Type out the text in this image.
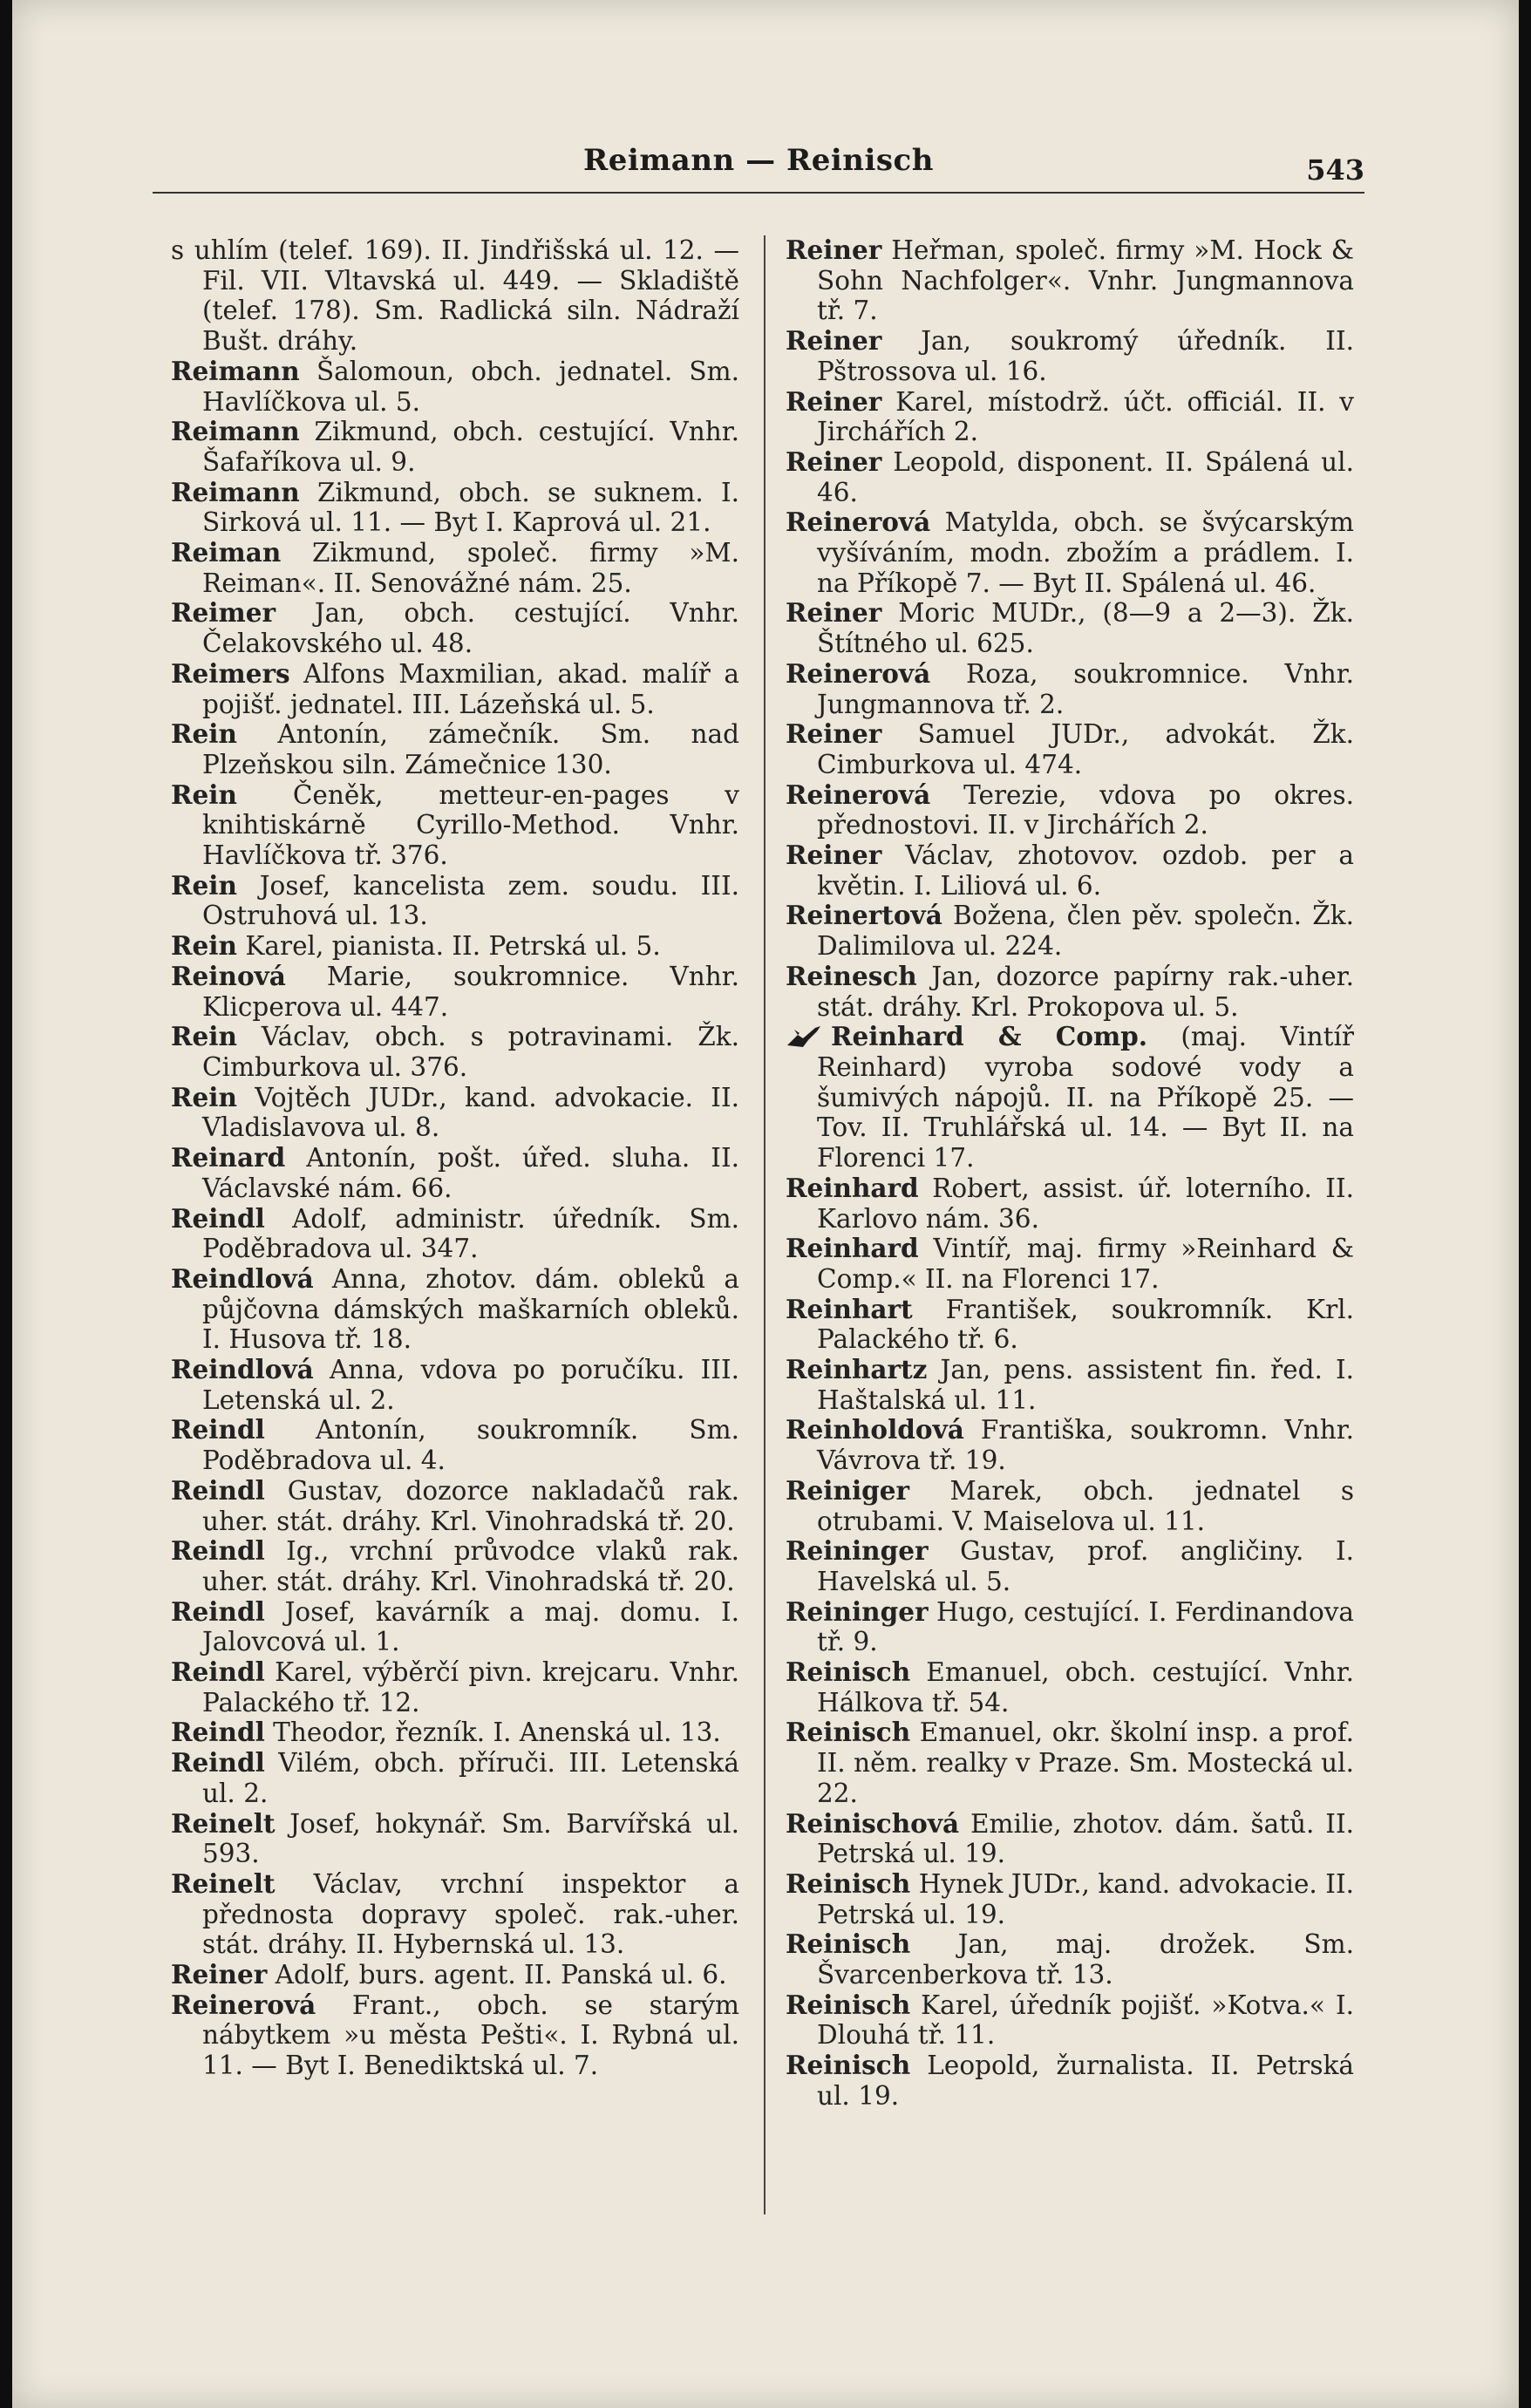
Reimann — Reinisch	543

s uhlím (telef. 169). II. Jindřišská ul. 12. — Fil. VII. Vltavská ul. 449. — Skladiště (telef. 178). Sm. Radlická siln. Nádraží Bušt. dráhy.

Reimann Šalomoun, obch. jednatel. Sm. Havlíčkova ul. 5.

Reimann Zikmund, obch. cestující. Vnhr. Šafaříkova ul. 9.

Reimann Zikmund, obch. se suknem. I. Sirková ul. 11. — Byt I. Kaprová ul. 21.

Reiman Zikmund, společ. firmy »M. Reiman«. II. Senovážné nám. 25.

Reimer Jan, obch. cestující. Vnhr. Čelakovského ul. 48.

Reimers Alfons Maxmilian, akad. malíř a pojišť. jednatel. III. Lázeňská ul. 5.

Rein Antonín, zámečník. Sm. nad Plzeňskou siln. Zámečnice 130.

Rein Čeněk, metteur-en-pages v knihtiskárně Cyrillo-Method. Vnhr. Havlíčkova tř. 376.

Rein Josef, kancelista zem. soudu. III. Ostruhová ul. 13.

Rein Karel, pianista. II. Petrská ul. 5.

Reinová Marie, soukromnice. Vnhr. Klicperova ul. 447.

Rein Václav, obch. s potravinami. Žk. Cimburkova ul. 376.

Rein Vojtěch JUDr., kand. advokacie. II. Vladislavova ul. 8.

Reinard Antonín, pošt. úřed. sluha. II. Václavské nám. 66.

Reindl Adolf, administr. úředník. Sm. Poděbradova ul. 347.

Reindlová Anna, zhotov. dám. obleků a půjčovna dámských maškarních obleků. I. Husova tř. 18.

Reindlová Anna, vdova po poručíku. III. Letenská ul. 2.

Reindl Antonín, soukromník. Sm. Poděbradova ul. 4.

Reindl Gustav, dozorce nakladačů rak. uher. stát. dráhy. Krl. Vinohradská tř. 20.

Reindl Ig., vrchní průvodce vlaků rak. uher. stát. dráhy. Krl. Vinohradská tř. 20.

Reindl Josef, kavárník a maj. domu. I. Jalovcová ul. 1.

Reindl Karel, výběrčí pivn. krejcaru. Vnhr. Palackého tř. 12.

Reindl Theodor, řezník. I. Anenská ul. 13.

Reindl Vilém, obch. příruči. III. Letenská ul. 2.

Reinelt Josef, hokynář. Sm. Barvířská ul. 593.

Reinelt Václav, vrchní inspektor a přednosta dopravy společ. rak.-uher. stát. dráhy. II. Hybernská ul. 13.

Reiner Adolf, burs. agent. II. Panská ul. 6.

Reinerová Frant., obch. se starým nábytkem »u města Pešti«. I. Rybná ul. 11. — Byt I. Benediktská ul. 7.

Reiner Heřman, společ. firmy »M. Hock & Sohn Nachfolger«. Vnhr. Jungmannova tř. 7.

Reiner Jan, soukromý úředník. II. Pštrossova ul. 16.

Reiner Karel, místodrž. účt. officiál. II. v Jirchářích 2.

Reiner Leopold, disponent. II. Spálená ul. 46.

Reinerová Matylda, obch. se švýcarským vyšíváním, modn. zbožím a prádlem. I. na Příkopě 7. — Byt II. Spálená ul. 46.

Reiner Moric MUDr., (8—9 a 2—3). Žk. Štítného ul. 625.

Reinerová Roza, soukromnice. Vnhr. Jungmannova tř. 2.

Reiner Samuel JUDr., advokát. Žk. Cimburkova ul. 474.

Reinerová Terezie, vdova po okres. přednostovi. II. v Jirchářích 2.

Reiner Václav, zhotovov. ozdob. per a květin. I. Liliová ul. 6.

Reinertová Božena, člen pěv. společn. Žk. Dalimilova ul. 224.

Reinesch Jan, dozorce papírny rak.-uher. stát. dráhy. Krl. Prokopova ul. 5.

Reinhard & Comp. (maj. Vintíř Reinhard) vyroba sodové vody a šumivých nápojů. II. na Příkopě 25. — Tov. II. Truhlářská ul. 14. — Byt II. na Florenci 17.

Reinhard Robert, assist. úř. loterního. II. Karlovo nám. 36.

Reinhard Vintíř, maj. firmy »Reinhard & Comp.« II. na Florenci 17.

Reinhart František, soukromník. Krl. Palackého tř. 6.

Reinhartz Jan, pens. assistent fin. řed. I. Haštalská ul. 11.

Reinholdová Františka, soukromn. Vnhr. Vávrova tř. 19.

Reiniger Marek, obch. jednatel s otrubami. V. Maiselova ul. 11.

Reininger Gustav, prof. angličiny. I. Havelská ul. 5.

Reininger Hugo, cestující. I. Ferdinandova tř. 9.

Reinisch Emanuel, obch. cestující. Vnhr. Hálkova tř. 54.

Reinisch Emanuel, okr. školní insp. a prof. II. něm. realky v Praze. Sm. Mostecká ul. 22.

Reinischová Emilie, zhotov. dám. šatů. II. Petrská ul. 19.

Reinisch Hynek JUDr., kand. advokacie. II. Petrská ul. 19.

Reinisch Jan, maj. drožek. Sm. Švarcenberkova tř. 13.

Reinisch Karel, úředník pojišť. »Kotva.« I. Dlouhá tř. 11.

Reinisch Leopold, žurnalista. II. Petrská ul. 19.
